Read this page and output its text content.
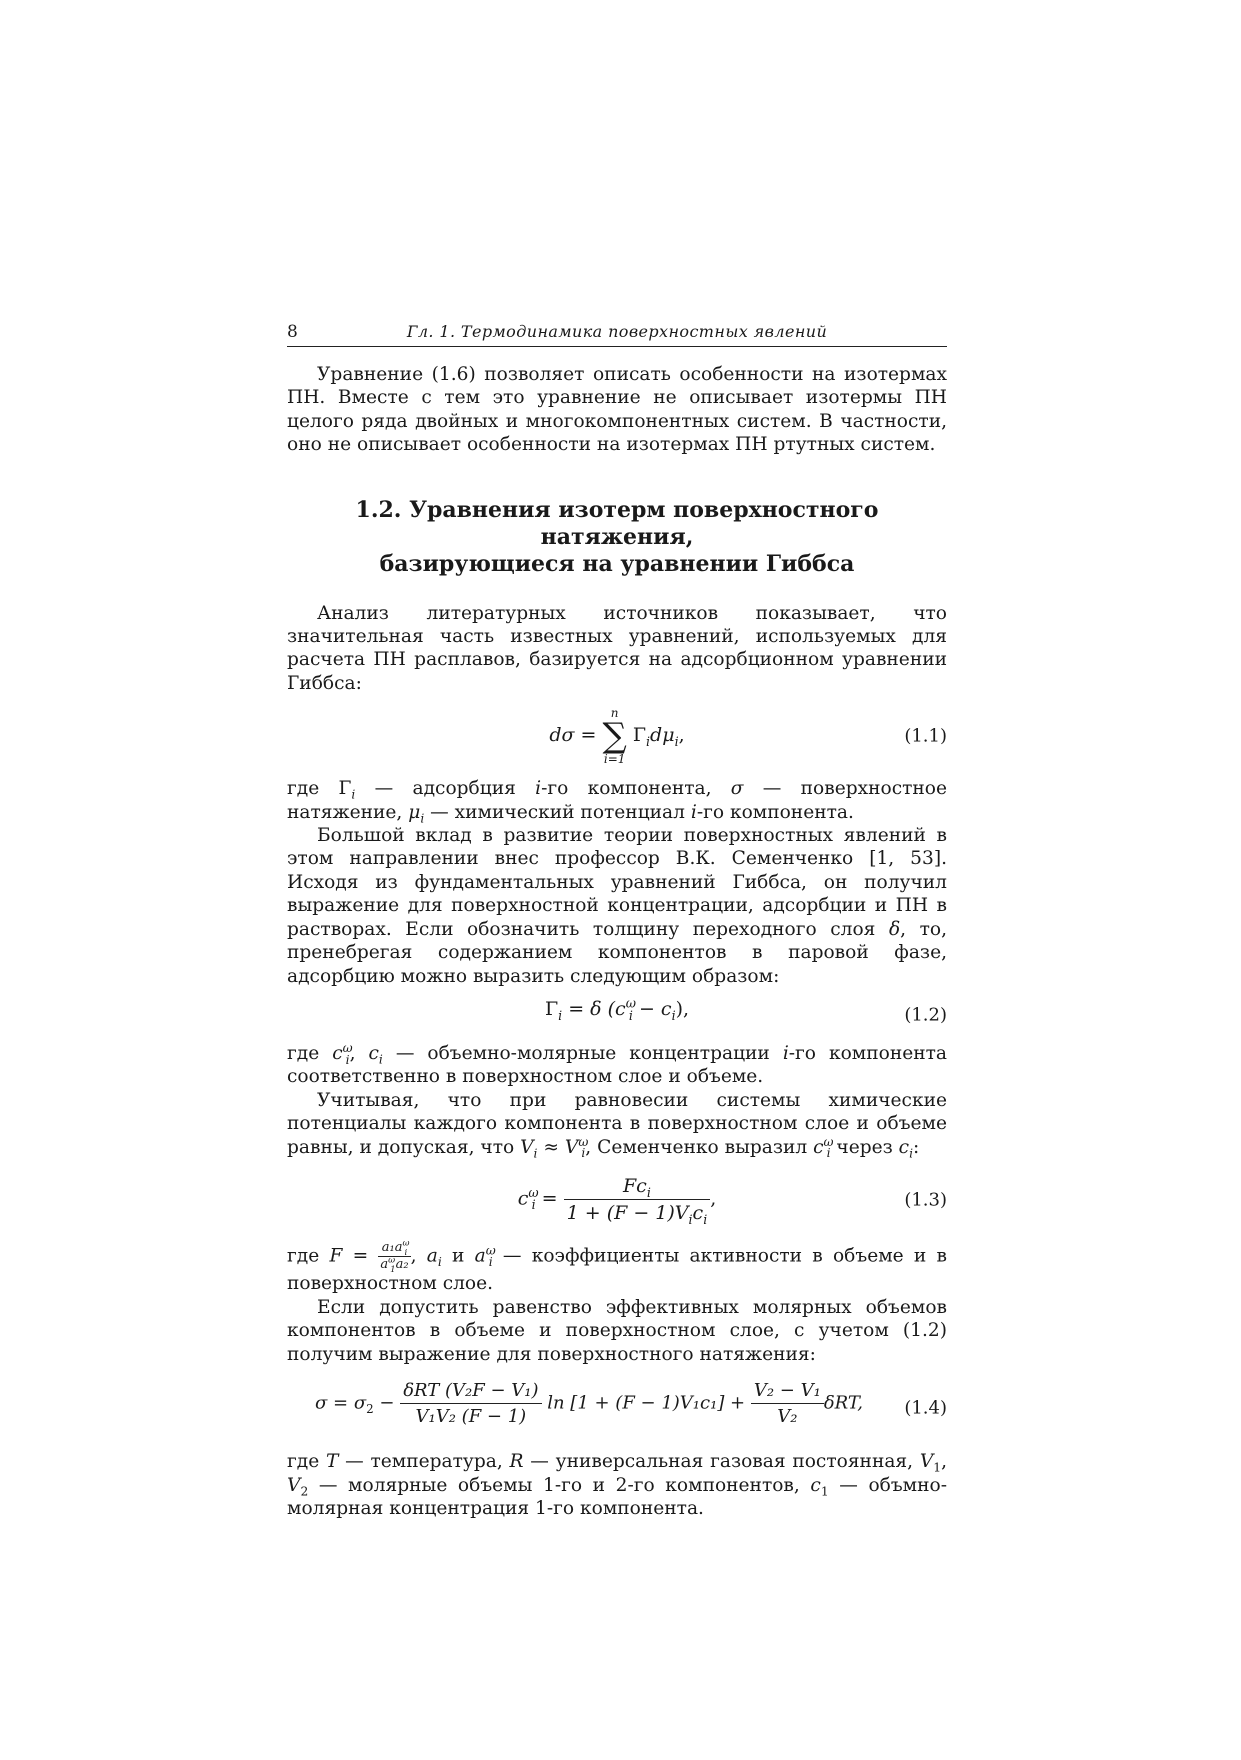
8	Гл. 1. Термодинамика поверхностных явлений

Уравнение (1.6) позволяет описать особенности на изотермах ПН. Вместе с тем это уравнение не описывает изотермы ПН целого ряда двойных и многокомпонентных систем. В частности, оно не описывает особенности на изотермах ПН ртутных систем.

1.2. Уравнения изотерм поверхностного натяжения,
базирующиеся на уравнении Гиббса

Анализ литературных источников показывает, что значительная часть известных уравнений, используемых для расчета ПН расплавов, базируется на адсорбционном уравнении Гиббса:

dσ =
n
∑
i=1
$\Gamma_id\mu_i$,	(1.1)

где $\Gamma_i$ — адсорбция i-го компонента, σ — поверхностное натяжение, $\mu_i$ — химический потенциал i-го компонента.

Большой вклад в развитие теории поверхностных явлений в этом направлении внес профессор В.К. Семенченко [1, 53]. Исходя из фундаментальных уравнений Гиббса, он получил выражение для поверхностной концентрации, адсорбции и ПН в растворах. Если обозначить толщину переходного слоя δ, то, пренебрегая содержанием компонентов в паровой фазе, адсорбцию можно выразить следующим образом:

$\Gamma_i = \delta$ $(c^\omega_i - c_i)$,	(1.2)

где $c^\omega_i$, $c_i$ — объемно-молярные концентрации i-го компонента соответственно в поверхностном слое и объеме.

Учитывая, что при равновесии системы химические потенциалы каждого компонента в поверхностном слое и объеме равны, и допуская, что $V_i \approx V^\omega_i$, Семенченко выразил $c^\omega_i$ через $c_i$:

$c^\omega_i = \frac{Fc_i}{1 + (F - 1)V_ic_i}$ ,	(1.3)

где $F = \frac{a_1a^\omega_i}{a^\omega_1a_2}$ , $a_i$ и $a^\omega_i$ — коэффициенты активности в объеме и в поверхностном слое.

Если допустить равенство эффективных молярных объемов компонентов в объеме и поверхностном слое, с учетом (1.2) получим выражение для поверхностного натяжения:

$\sigma = \sigma_2 - \frac{\text{δRT (V₂F − V₁)}}{\text{V₁V₂ (F − 1)}}$ $\ln [1 + (F - 1)V_1c_1] + \frac{\text{V₂ − V₁}}{\text{V₂}} \delta RT$,	(1.4)

где T — температура, R — универсальная газовая постоянная, $V_1$, $V_2$ — молярные объемы 1-го и 2-го компонентов, $c_1$ — объмно-молярная концентрация 1-го компонента.
